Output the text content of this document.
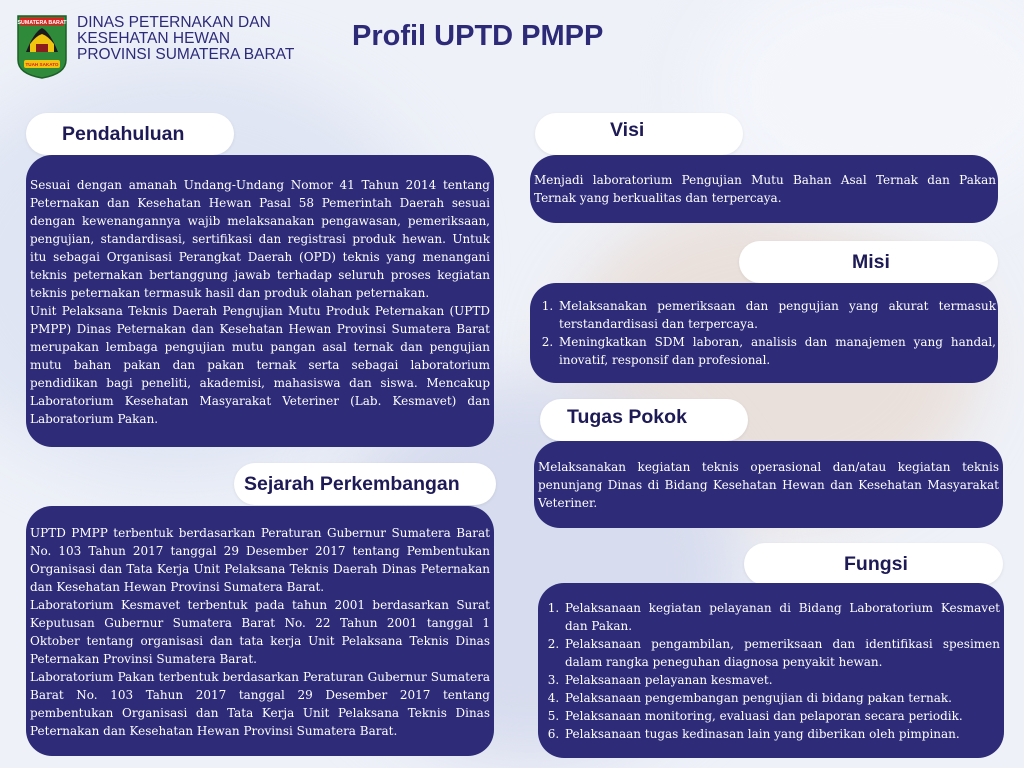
SUMATERA BARAT
TUAH SAKATO
DINAS PETERNAKAN DAN
KESEHATAN HEWAN
PROVINSI SUMATERA BARAT
Profil UPTD PMPP
Pendahuluan

Sesuai dengan amanah Undang-Undang Nomor 41 Tahun 2014 tentang Peternakan dan Kesehatan Hewan Pasal 58 Pemerintah Daerah sesuai dengan kewenangannya wajib melaksanakan pengawasan, pemeriksaan, pengujian, standardisasi, sertifikasi dan registrasi produk hewan. Untuk itu sebagai Organisasi Perangkat Daerah (OPD) teknis yang menangani teknis peternakan bertanggung jawab terhadap seluruh proses kegiatan teknis peternakan termasuk hasil dan produk olahan peternakan.

Unit Pelaksana Teknis Daerah Pengujian Mutu Produk Peternakan (UPTD PMPP) Dinas Peternakan dan Kesehatan Hewan Provinsi Sumatera Barat merupakan lembaga pengujian mutu pangan asal ternak dan pengujian mutu bahan pakan dan pakan ternak serta sebagai laboratorium pendidikan bagi peneliti, akademisi, mahasiswa dan siswa. Mencakup Laboratorium Kesehatan Masyarakat Veteriner (Lab. Kesmavet) dan Laboratorium Pakan.

Sejarah Perkembangan

UPTD PMPP terbentuk berdasarkan Peraturan Gubernur Sumatera Barat No. 103 Tahun 2017 tanggal 29 Desember 2017 tentang Pembentukan Organisasi dan Tata Kerja Unit Pelaksana Teknis Daerah Dinas Peternakan dan Kesehatan Hewan Provinsi Sumatera Barat.

Laboratorium Kesmavet terbentuk pada tahun 2001 berdasarkan Surat Keputusan Gubernur Sumatera Barat No. 22 Tahun 2001 tanggal 1 Oktober tentang organisasi dan tata kerja Unit Pelaksana Teknis Dinas Peternakan Provinsi Sumatera Barat.

Laboratorium Pakan terbentuk berdasarkan Peraturan Gubernur Sumatera Barat No. 103 Tahun 2017 tanggal 29 Desember 2017 tentang pembentukan Organisasi dan Tata Kerja Unit Pelaksana Teknis Dinas Peternakan dan Kesehatan Hewan Provinsi Sumatera Barat.

Visi

Menjadi laboratorium Pengujian Mutu Bahan Asal Ternak dan Pakan Ternak yang berkualitas dan terpercaya.

Misi
1. Melaksanakan pemeriksaan dan pengujian yang akurat termasuk terstandardisasi dan terpercaya.
2. Meningkatkan SDM laboran, analisis dan manajemen yang handal, inovatif, responsif dan profesional.
Tugas Pokok

Melaksanakan kegiatan teknis operasional dan/atau kegiatan teknis penunjang Dinas di Bidang Kesehatan Hewan dan Kesehatan Masyarakat Veteriner.

Fungsi
1. Pelaksanaan kegiatan pelayanan di Bidang Laboratorium Kesmavet dan Pakan.
2. Pelaksanaan pengambilan, pemeriksaan dan identifikasi spesimen dalam rangka peneguhan diagnosa penyakit hewan.
3. Pelaksanaan pelayanan kesmavet.
4. Pelaksanaan pengembangan pengujian di bidang pakan ternak.
5. Pelaksanaan monitoring, evaluasi dan pelaporan secara periodik.
6. Pelaksanaan tugas kedinasan lain yang diberikan oleh pimpinan.
